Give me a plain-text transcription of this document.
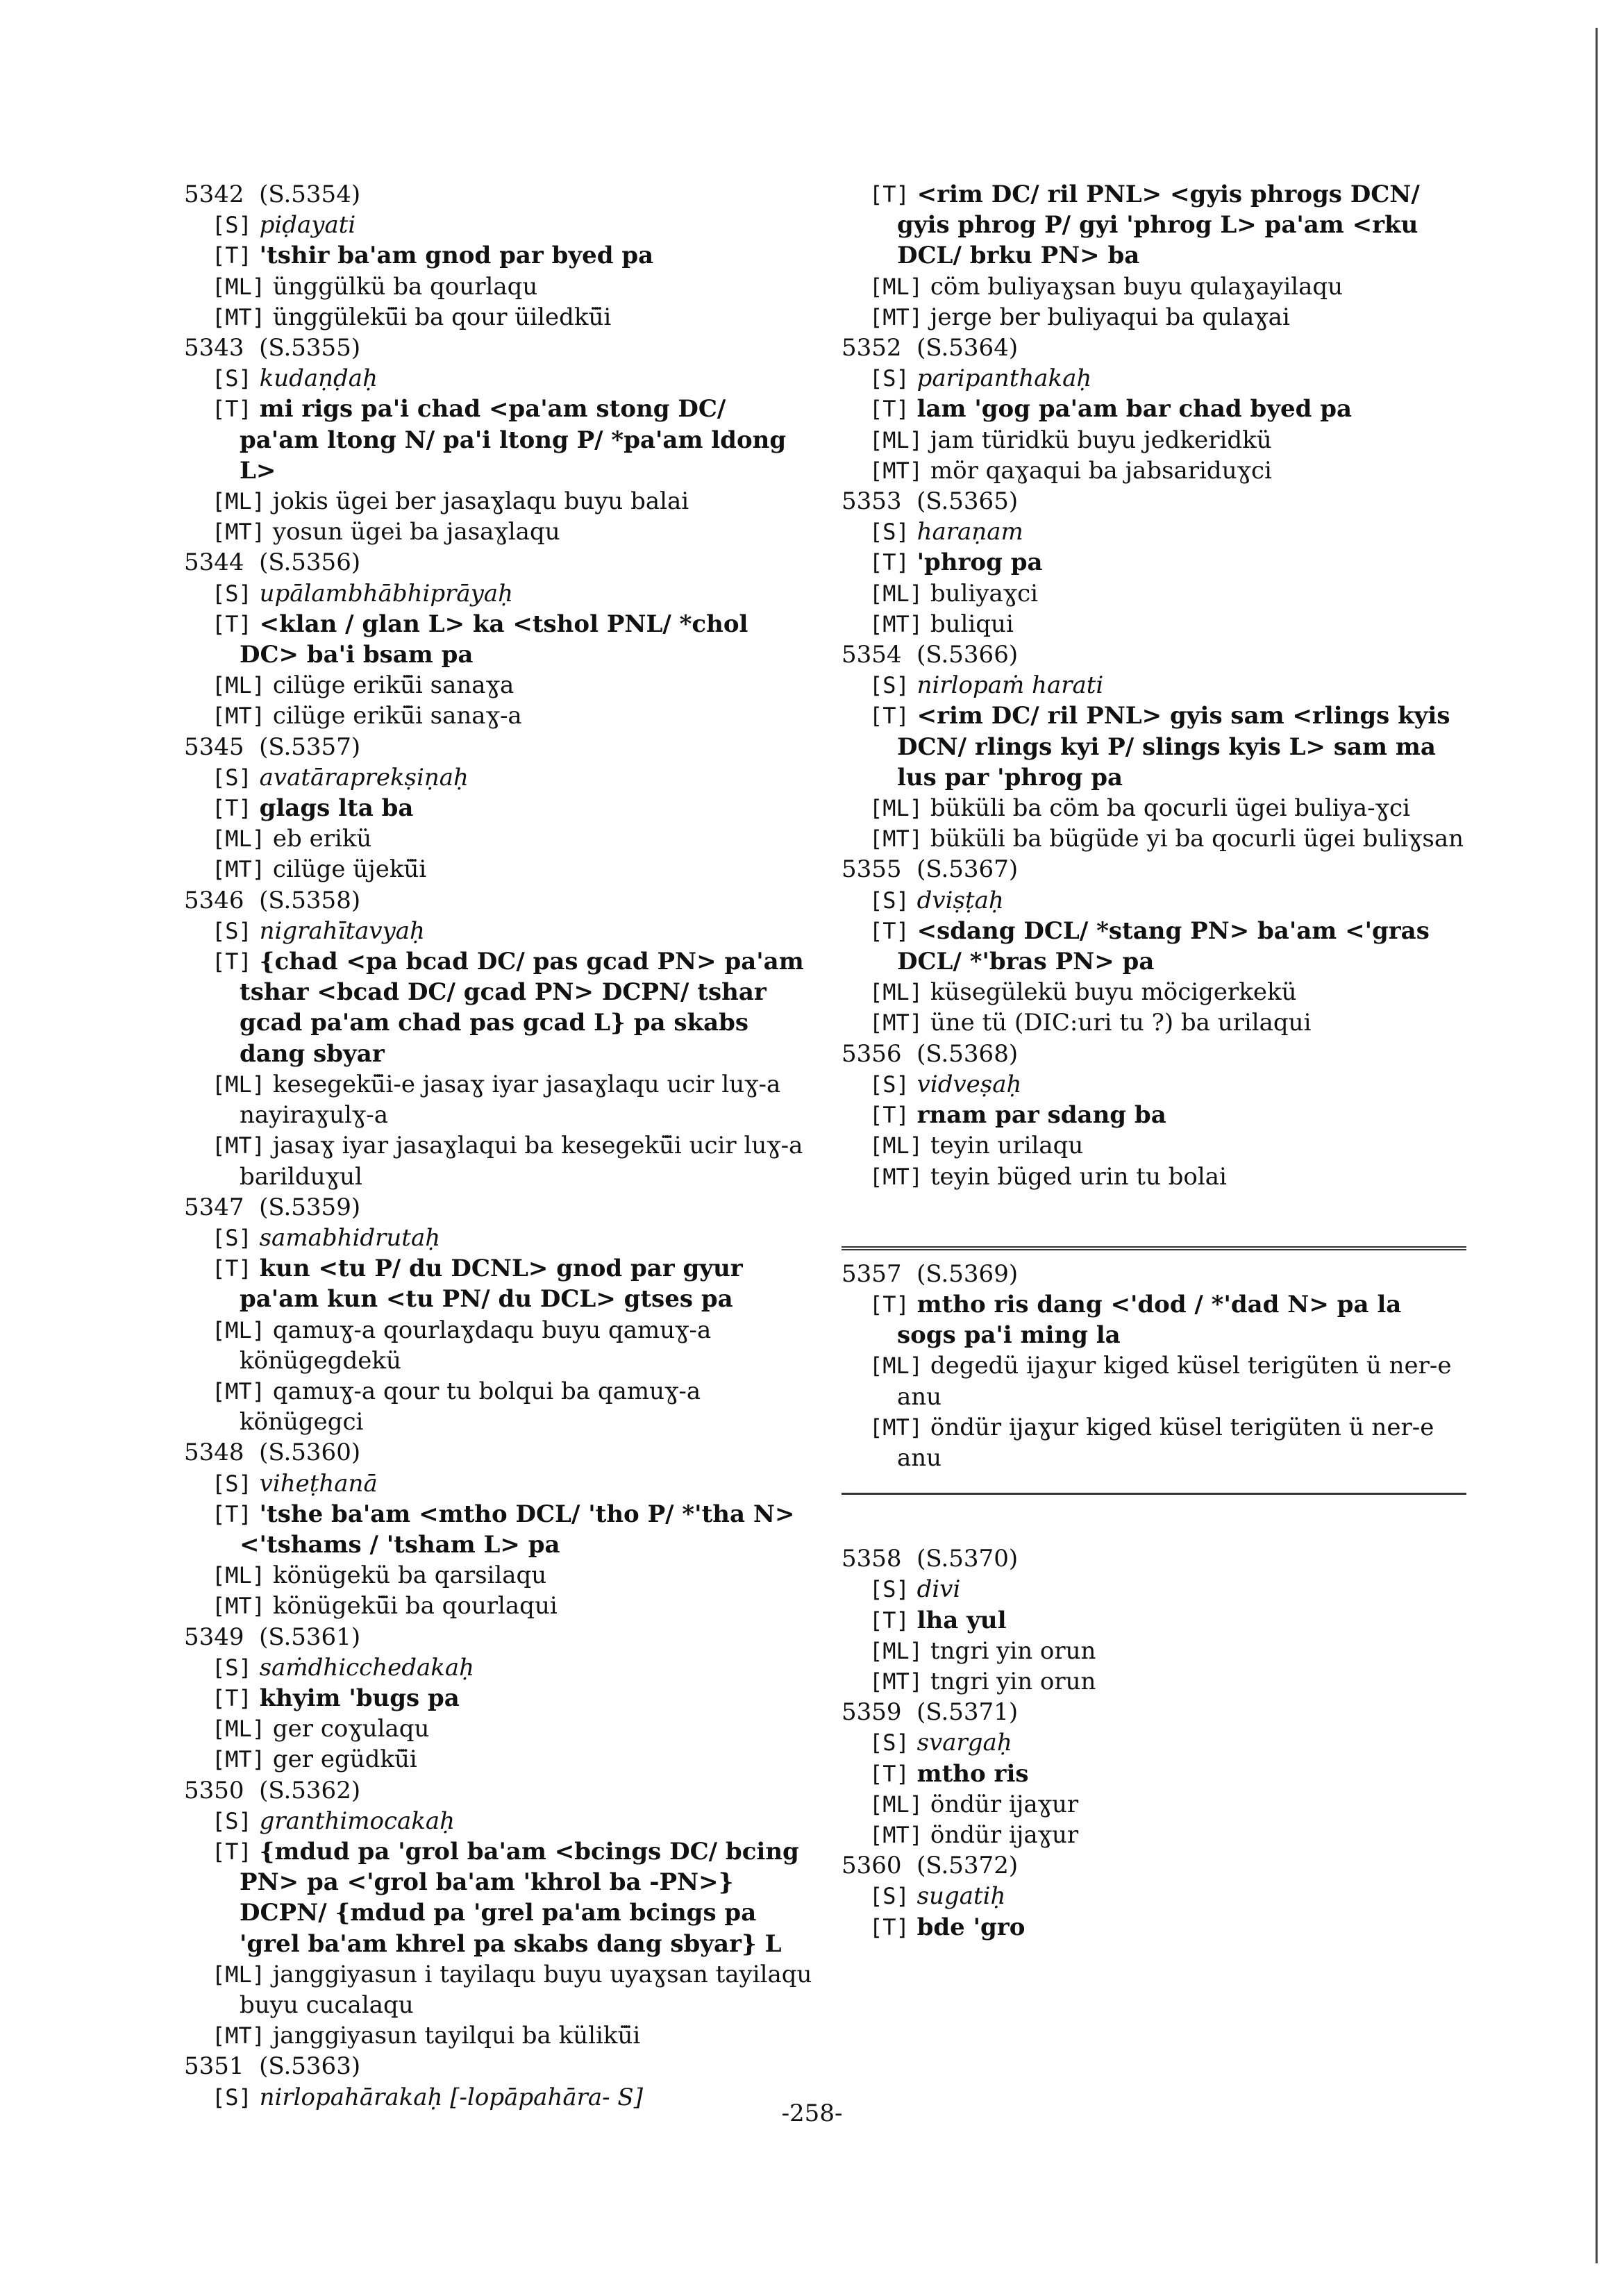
5342  (S.5354)

[S] piḍayati

[T] 'tshir ba'am gnod par byed pa

[ML] ünggülkü ba qourlaqu

[MT] ünggülekü̈i ba qour üiledkü̈i

5343  (S.5355)

[S] kudaṇḍaḥ

[T] mi rigs pa'i chad <pa'am stong DC/ pa'am ltong N/ pa'i ltong P/ *pa'am ldong L>

[ML] jokis ügei ber jasaɣlaqu buyu balai

[MT] yosun ügei ba jasaɣlaqu

5344  (S.5356)

[S] upālambhābhiprāyaḥ

[T] <klan / glan L> ka <tshol PNL/ *chol DC> ba'i bsam pa

[ML] cilüge erikü̈i sanaɣa

[MT] cilüge erikü̈i sanaɣ-a

5345  (S.5357)

[S] avatāraprekṣiṇaḥ

[T] glags lta ba

[ML] eb erikü

[MT] cilüge üjekü̈i

5346  (S.5358)

[S] nigrahītavyaḥ

[T] {chad <pa bcad DC/ pas gcad PN> pa'am tshar <bcad DC/ gcad PN> DCPN/ tshar gcad pa'am chad pas gcad L} pa skabs dang sbyar

[ML] kesegekü̈i-e jasaɣ iyar jasaɣlaqu ucir luɣ-a nayiraɣulɣ-a

[MT] jasaɣ iyar jasaɣlaqui ba kesegekü̈i ucir luɣ-a barilduɣul

5347  (S.5359)

[S] samabhidrutaḥ

[T] kun <tu P/ du DCNL> gnod par gyur pa'am kun <tu PN/ du DCL> gtses pa

[ML] qamuɣ-a qourlaɣdaqu buyu qamuɣ-a könügegdekü

[MT] qamuɣ-a qour tu bolqui ba qamuɣ-a könügegci

5348  (S.5360)

[S] viheṭhanā

[T] 'tshe ba'am <mtho DCL/ 'tho P/ *'tha N> <'tshams / 'tsham L> pa

[ML] könügekü ba qarsilaqu

[MT] könügekü̈i ba qourlaqui

5349  (S.5361)

[S] saṁdhicchedakaḥ

[T] khyim 'bugs pa

[ML] ger coɣulaqu

[MT] ger egüdkü̈i

5350  (S.5362)

[S] granthimocakaḥ

[T] {mdud pa 'grol ba'am <bcings DC/ bcing PN> pa <'grol ba'am 'khrol ba -PN>} DCPN/ {mdud pa 'grel pa'am bcings pa 'grel ba'am khrel pa skabs dang sbyar} L

[ML] janggiyasun i tayilaqu buyu uyaɣsan tayilaqu buyu cucalaqu

[MT] janggiyasun tayilqui ba külikü̈i

5351  (S.5363)

[S] nirlopahārakaḥ [-lopāpahāra- S]

[T] <rim DC/ ril PNL> <gyis phrogs DCN/ gyis phrog P/ gyi 'phrog L> pa'am <rku DCL/ brku PN> ba

[ML] cöm buliyaɣsan buyu qulaɣayilaqu

[MT] jerge ber buliyaqui ba qulaɣai

5352  (S.5364)

[S] paripanthakaḥ

[T] lam 'gog pa'am bar chad byed pa

[ML] jam türidkü buyu jedkeridkü

[MT] mör qaɣaqui ba jabsariduɣci

5353  (S.5365)

[S] haraṇam

[T] 'phrog pa

[ML] buliyaɣci

[MT] buliqui

5354  (S.5366)

[S] nirlopaṁ harati

[T] <rim DC/ ril PNL> gyis sam <rlings kyis DCN/ rlings kyi P/ slings kyis L> sam ma lus par 'phrog pa

[ML] büküli ba cöm ba qocurli ügei buliya-ɣci

[MT] büküli ba bügüde yi ba qocurli ügei buliɣsan

5355  (S.5367)

[S] dviṣṭaḥ

[T] <sdang DCL/ *stang PN> ba'am <'gras DCL/ *'bras PN> pa

[ML] küsegülekü buyu möcigerkekü

[MT] üne tü (DIC:uri tu ?) ba urilaqui

5356  (S.5368)

[S] vidveṣaḥ

[T] rnam par sdang ba

[ML] teyin urilaqu

[MT] teyin büged urin tu bolai

5357  (S.5369)

[T] mtho ris dang <'dod / *'dad N> pa la sogs pa'i ming la

[ML] degedü ijaɣur kiged küsel terigüten ü ner-e anu

[MT] öndür ijaɣur kiged küsel terigüten ü ner-e anu

5358  (S.5370)

[S] divi

[T] lha yul

[ML] tngri yin orun

[MT] tngri yin orun

5359  (S.5371)

[S] svargaḥ

[T] mtho ris

[ML] öndür ijaɣur

[MT] öndür ijaɣur

5360  (S.5372)

[S] sugatiḥ

[T] bde 'gro

-258-
